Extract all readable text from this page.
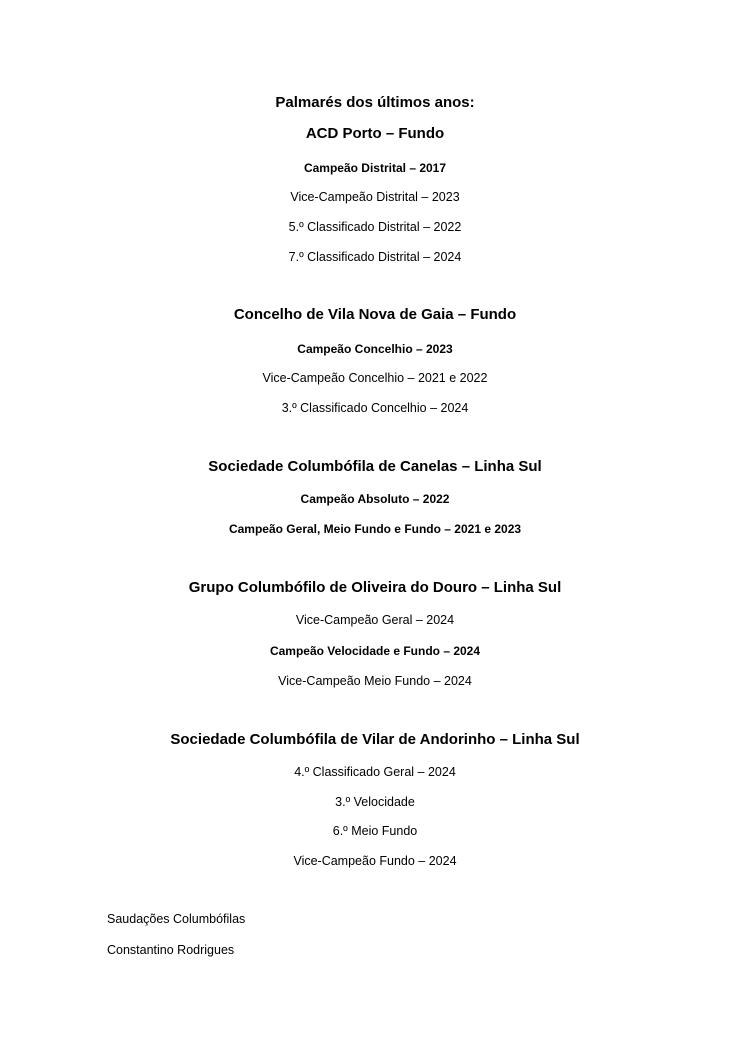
Palmarés dos últimos anos:
ACD Porto – Fundo
Campeão Distrital – 2017
Vice-Campeão Distrital – 2023
5.º Classificado Distrital – 2022
7.º Classificado Distrital – 2024
Concelho de Vila Nova de Gaia – Fundo
Campeão Concelhio – 2023
Vice-Campeão Concelhio – 2021 e 2022
3.º Classificado Concelhio – 2024
Sociedade Columbófila de Canelas – Linha Sul
Campeão Absoluto – 2022
Campeão Geral, Meio Fundo e Fundo – 2021 e 2023
Grupo Columbófilo de Oliveira do Douro – Linha Sul
Vice-Campeão Geral – 2024
Campeão Velocidade e Fundo – 2024
Vice-Campeão Meio Fundo – 2024
Sociedade Columbófila de Vilar de Andorinho – Linha Sul
4.º Classificado Geral – 2024
3.º Velocidade
6.º Meio Fundo
Vice-Campeão Fundo – 2024
Saudações Columbófilas
Constantino Rodrigues
